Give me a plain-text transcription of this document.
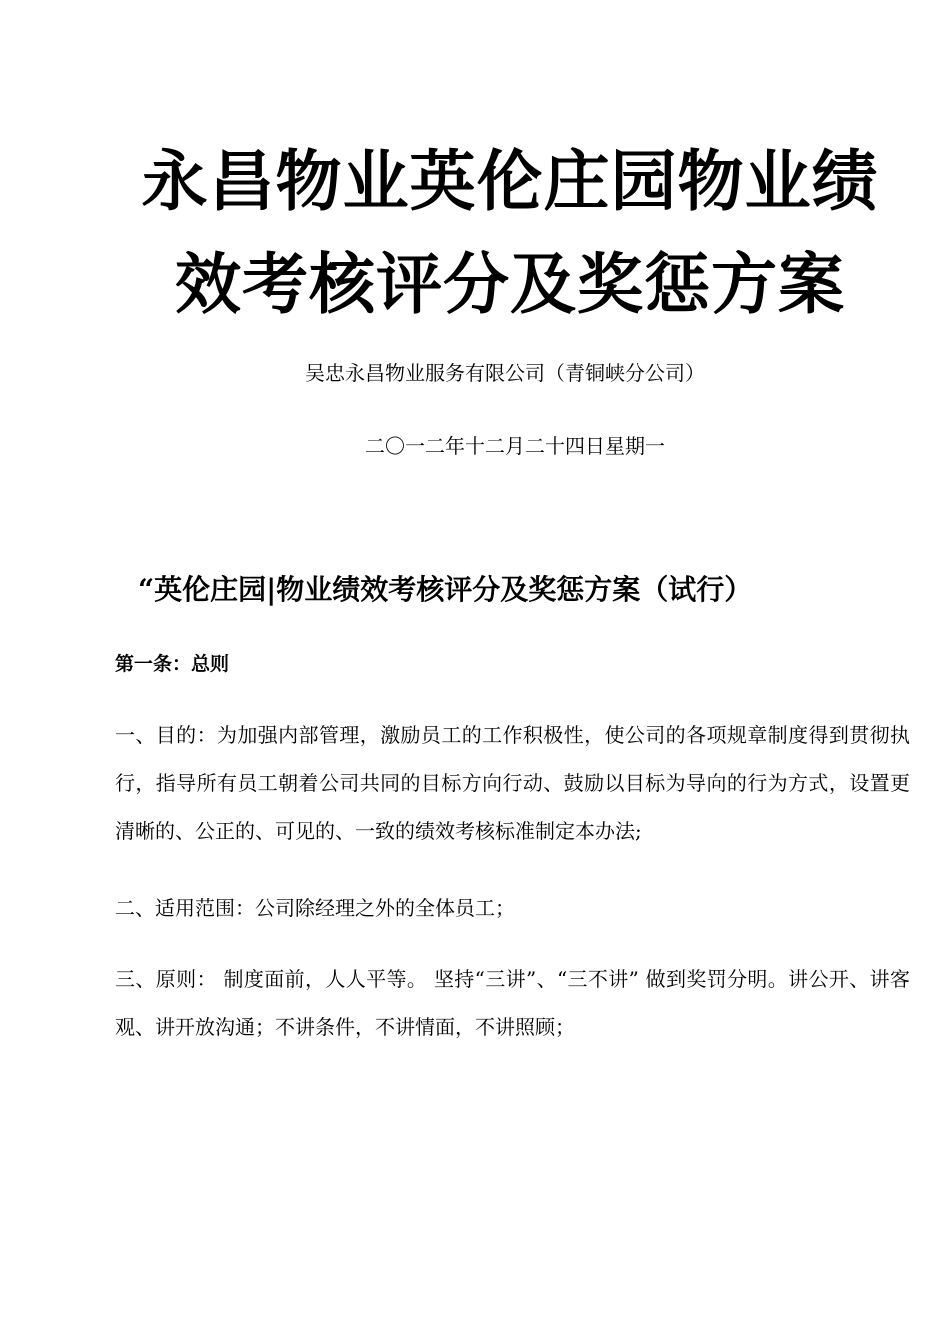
永昌物业英伦庄园物业绩
效考核评分及奖惩方案
吴忠永昌物业服务有限公司（青铜峡分公司）
二〇一二年十二月二十四日星期一
“英伦庄园|物业绩效考核评分及奖惩方案（试行）
第一条：总则

一、目的：为加强内部管理，激励员工的工作积极性，使公司的各项规章制度得到贯彻执行，指导所有员工朝着公司共同的目标方向行动、鼓励以目标为导向的行为方式，设置更清晰的、公正的、可见的、一致的绩效考核标准制定本办法;

二、适用范围：公司除经理之外的全体员工；

三、原则： 制度面前，人人平等。 坚持“三讲”、“三不讲” 做到奖罚分明。讲公开、讲客观、讲开放沟通；不讲条件，不讲情面，不讲照顾；
